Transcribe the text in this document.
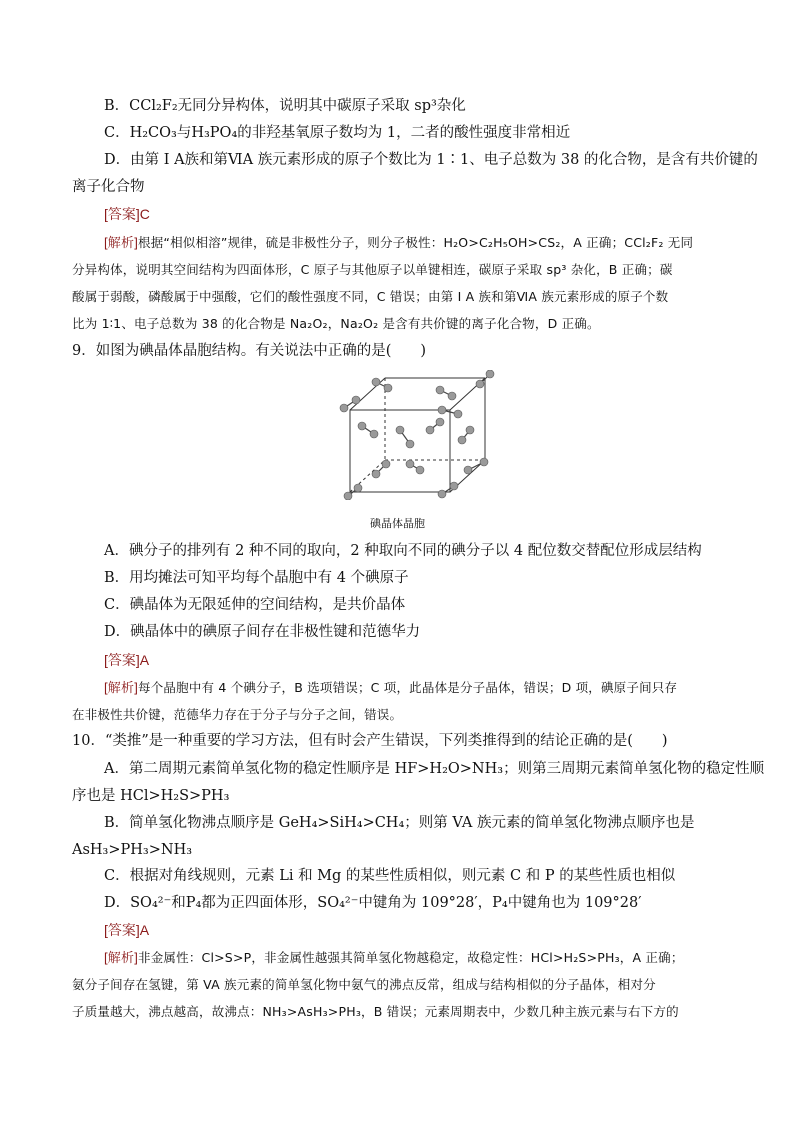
B．CCl₂F₂无同分异构体，说明其中碳原子采取 sp³杂化
C．H₂CO₃与H₃PO₄的非羟基氧原子数均为 1，二者的酸性强度非常相近
D．由第 I A族和第ⅥA 族元素形成的原子个数比为 1∶1、电子总数为 38 的化合物，是含有共价键的
离子化合物
[答案]C
[解析]根据“相似相溶”规律，硫是非极性分子，则分子极性：H₂O>C₂H₅OH>CS₂，A 正确；CCl₂F₂ 无同
分异构体，说明其空间结构为四面体形，C 原子与其他原子以单键相连，碳原子采取 sp³ 杂化，B 正确；碳
酸属于弱酸，磷酸属于中强酸，它们的酸性强度不同，C 错误；由第 I A 族和第ⅥA 族元素形成的原子个数
比为 1∶1、电子总数为 38 的化合物是 Na₂O₂，Na₂O₂ 是含有共价键的离子化合物，D 正确。
9．如图为碘晶体晶胞结构。有关说法中正确的是(　　)
碘晶体晶胞
A．碘分子的排列有 2 种不同的取向，2 种取向不同的碘分子以 4 配位数交替配位形成层结构
B．用均摊法可知平均每个晶胞中有 4 个碘原子
C．碘晶体为无限延伸的空间结构，是共价晶体
D．碘晶体中的碘原子间存在非极性键和范德华力
[答案]A
[解析]每个晶胞中有 4 个碘分子，B 选项错误；C 项，此晶体是分子晶体，错误；D 项，碘原子间只存
在非极性共价键，范德华力存在于分子与分子之间，错误。
10．“类推”是一种重要的学习方法，但有时会产生错误，下列类推得到的结论正确的是(　　)
A．第二周期元素简单氢化物的稳定性顺序是 HF>H₂O>NH₃；则第三周期元素简单氢化物的稳定性顺
序也是 HCl>H₂S>PH₃
B．简单氢化物沸点顺序是 GeH₄>SiH₄>CH₄；则第 VA 族元素的简单氢化物沸点顺序也是
AsH₃>PH₃>NH₃
C．根据对角线规则，元素 Li 和 Mg 的某些性质相似，则元素 C 和 P 的某些性质也相似
D．SO₄²⁻和P₄都为正四面体形，SO₄²⁻中键角为 109°28′，P₄中键角也为 109°28′
[答案]A
[解析]非金属性：Cl>S>P，非金属性越强其简单氢化物越稳定，故稳定性：HCl>H₂S>PH₃，A 正确；
氨分子间存在氢键，第 VA 族元素的简单氢化物中氨气的沸点反常，组成与结构相似的分子晶体，相对分
子质量越大，沸点越高，故沸点：NH₃>AsH₃>PH₃，B 错误；元素周期表中，少数几种主族元素与右下方的
